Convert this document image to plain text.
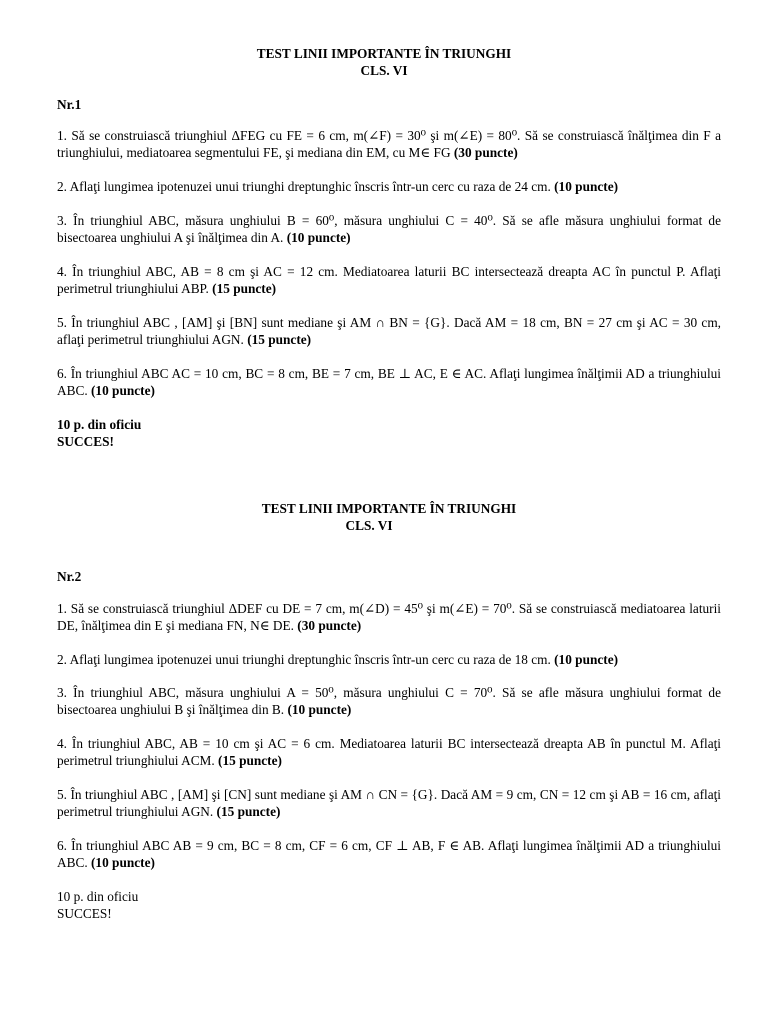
TEST LINII IMPORTANTE ÎN TRIUNGHI
CLS. VI
Nr.1
1. Să se construiască triunghiul ΔFEG cu FE = 6 cm, m(∠F) = 30⁰ şi m(∠E) = 80⁰. Să se construiască înălţimea din F a triunghiului, mediatoarea segmentului FE, şi mediana din EM, cu M∈ FG (30 puncte)
2. Aflaţi lungimea ipotenuzei unui triunghi dreptunghic înscris într-un cerc cu raza de 24 cm. (10 puncte)
3. În triunghiul ABC, măsura unghiului B = 60⁰, măsura unghiului C = 40⁰. Să se afle măsura unghiului format de bisectoarea unghiului A şi înălţimea din A. (10 puncte)
4. În triunghiul ABC, AB = 8 cm şi AC = 12 cm. Mediatoarea laturii BC intersectează dreapta AC în punctul P. Aflaţi perimetrul triunghiului ABP. (15 puncte)
5. În triunghiul ABC , [AM] şi [BN] sunt mediane şi AM ∩ BN = {G}. Dacă AM = 18 cm, BN = 27 cm şi AC = 30 cm, aflaţi perimetrul triunghiului AGN. (15 puncte)
6. În triunghiul ABC AC = 10 cm, BC = 8 cm, BE = 7 cm, BE ⊥ AC, E ∈ AC. Aflaţi lungimea înălţimii AD a triunghiului ABC. (10 puncte)
10 p. din oficiu
SUCCES!
TEST LINII IMPORTANTE ÎN TRIUNGHI
CLS. VI
Nr.2
1. Să se construiască triunghiul ΔDEF cu DE = 7 cm, m(∠D) = 45⁰ şi m(∠E) = 70⁰. Să se construiască mediatoarea laturii DE, înălţimea din E şi mediana FN, N∈ DE. (30 puncte)
2. Aflaţi lungimea ipotenuzei unui triunghi dreptunghic înscris într-un cerc cu raza de 18 cm. (10 puncte)
3. În triunghiul ABC, măsura unghiului A = 50⁰, măsura unghiului C = 70⁰. Să se afle măsura unghiului format de bisectoarea unghiului B şi înălţimea din B. (10 puncte)
4. În triunghiul ABC, AB = 10 cm şi AC = 6 cm. Mediatoarea laturii BC intersectează dreapta AB în punctul M. Aflaţi perimetrul triunghiului ACM. (15 puncte)
5. În triunghiul ABC , [AM] şi [CN] sunt mediane şi AM ∩ CN = {G}. Dacă AM = 9 cm, CN = 12 cm şi AB = 16 cm, aflaţi perimetrul triunghiului AGN. (15 puncte)
6. În triunghiul ABC AB = 9 cm, BC = 8 cm, CF = 6 cm, CF ⊥ AB, F ∈ AB. Aflaţi lungimea înălţimii AD a triunghiului ABC. (10 puncte)
10 p. din oficiu
SUCCES!
